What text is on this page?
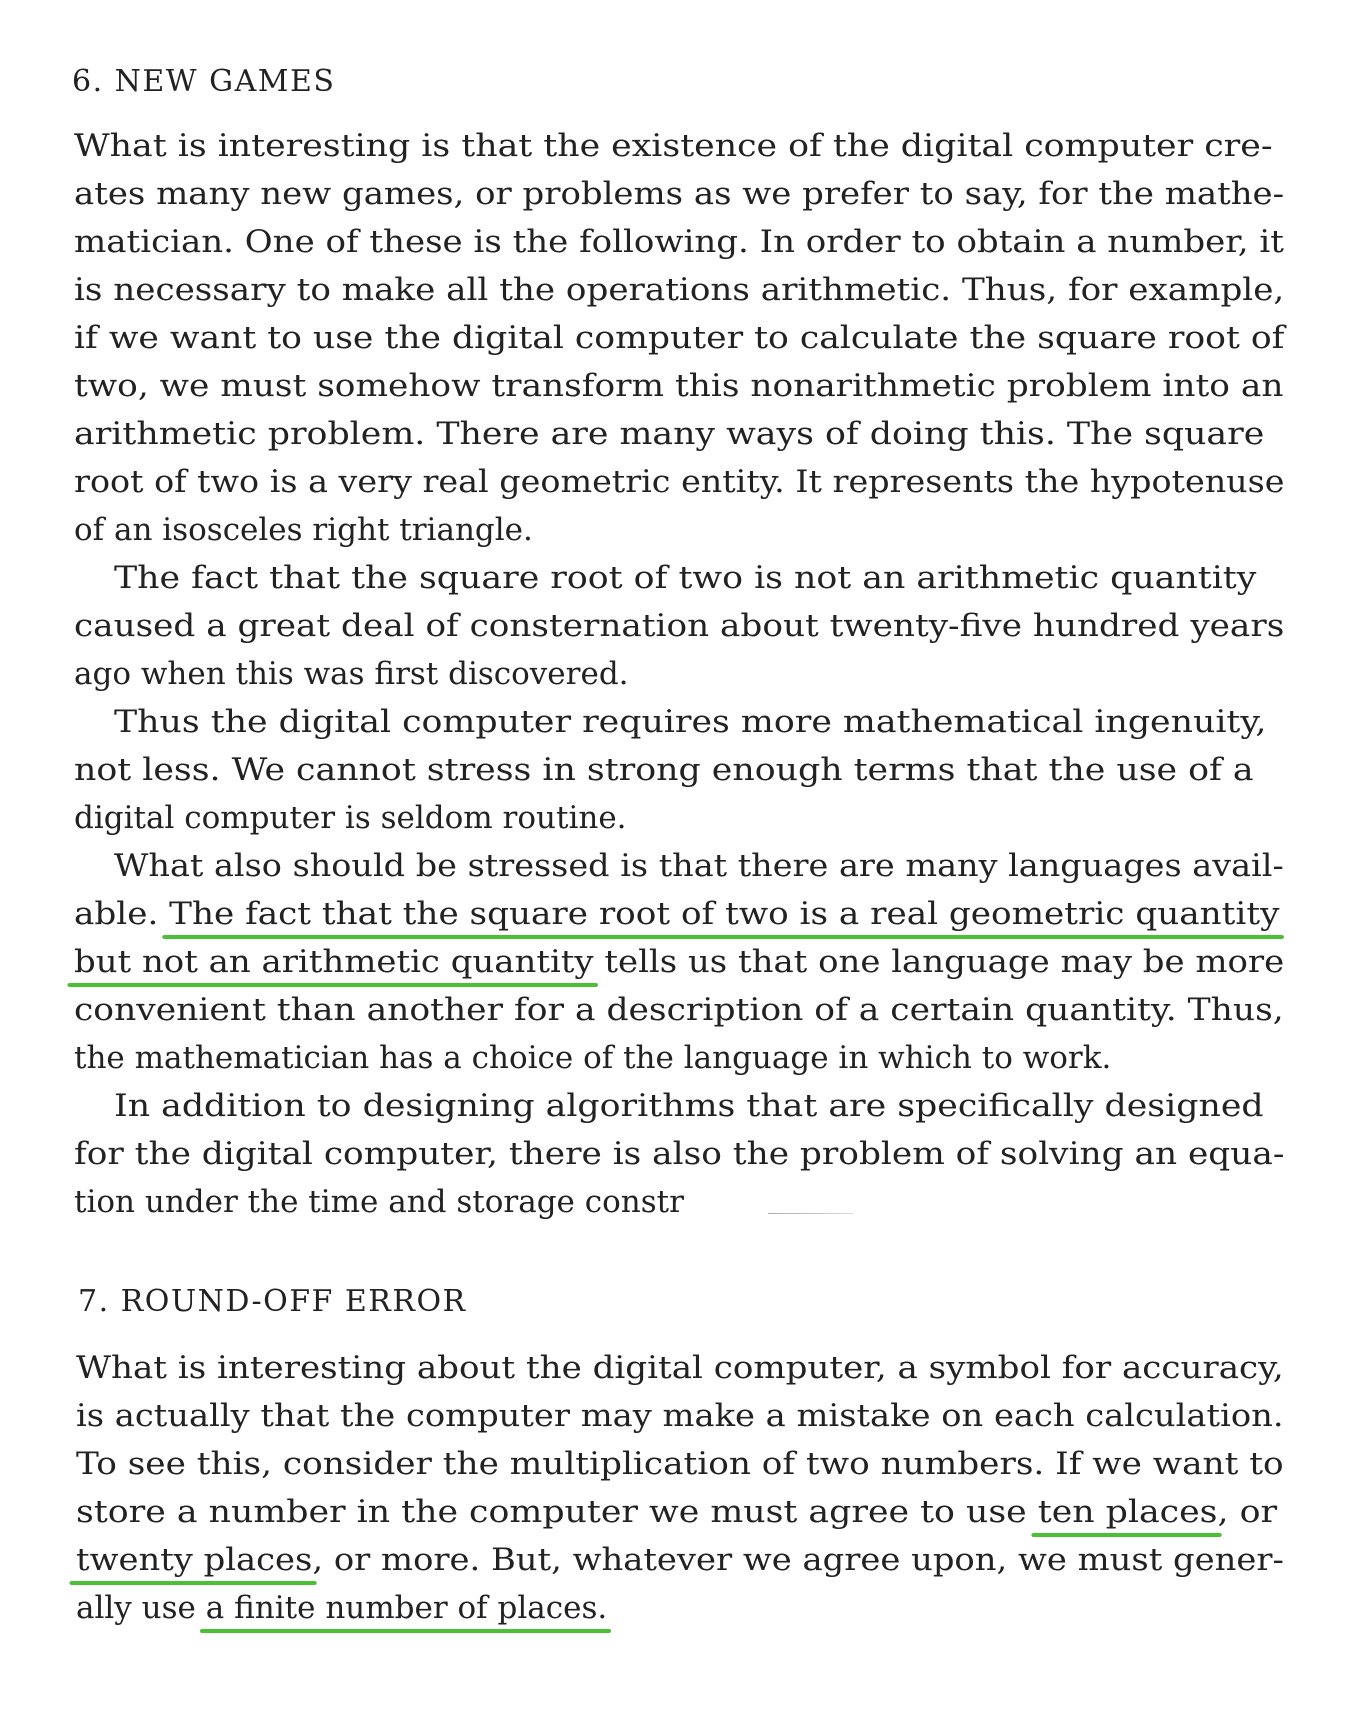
6. NEW GAMES
What is interesting is that the existence of the digital computer cre-
ates many new games, or problems as we prefer to say, for the mathe-
matician. One of these is the following. In order to obtain a number, it
is necessary to make all the operations arithmetic. Thus, for example,
if we want to use the digital computer to calculate the square root of
two, we must somehow transform this nonarithmetic problem into an
arithmetic problem. There are many ways of doing this. The square
root of two is a very real geometric entity. It represents the hypotenuse
of an isosceles right triangle.
The fact that the square root of two is not an arithmetic quantity
caused a great deal of consternation about twenty-five hundred years
ago when this was first discovered.
Thus the digital computer requires more mathematical ingenuity,
not less. We cannot stress in strong enough terms that the use of a
digital computer is seldom routine.
What also should be stressed is that there are many languages avail-
able. The fact that the square root of two is a real geometric quantity
but not an arithmetic quantity tells us that one language may be more
convenient than another for a description of a certain quantity. Thus,
the mathematician has a choice of the language in which to work.
In addition to designing algorithms that are specifically designed
for the digital computer, there is also the problem of solving an equa-
tion under the time and storage constr
7. ROUND-OFF ERROR
What is interesting about the digital computer, a symbol for accuracy,
is actually that the computer may make a mistake on each calculation.
To see this, consider the multiplication of two numbers. If we want to
store a number in the computer we must agree to use ten places, or
twenty places, or more. But, whatever we agree upon, we must gener-
ally use a finite number of places.
